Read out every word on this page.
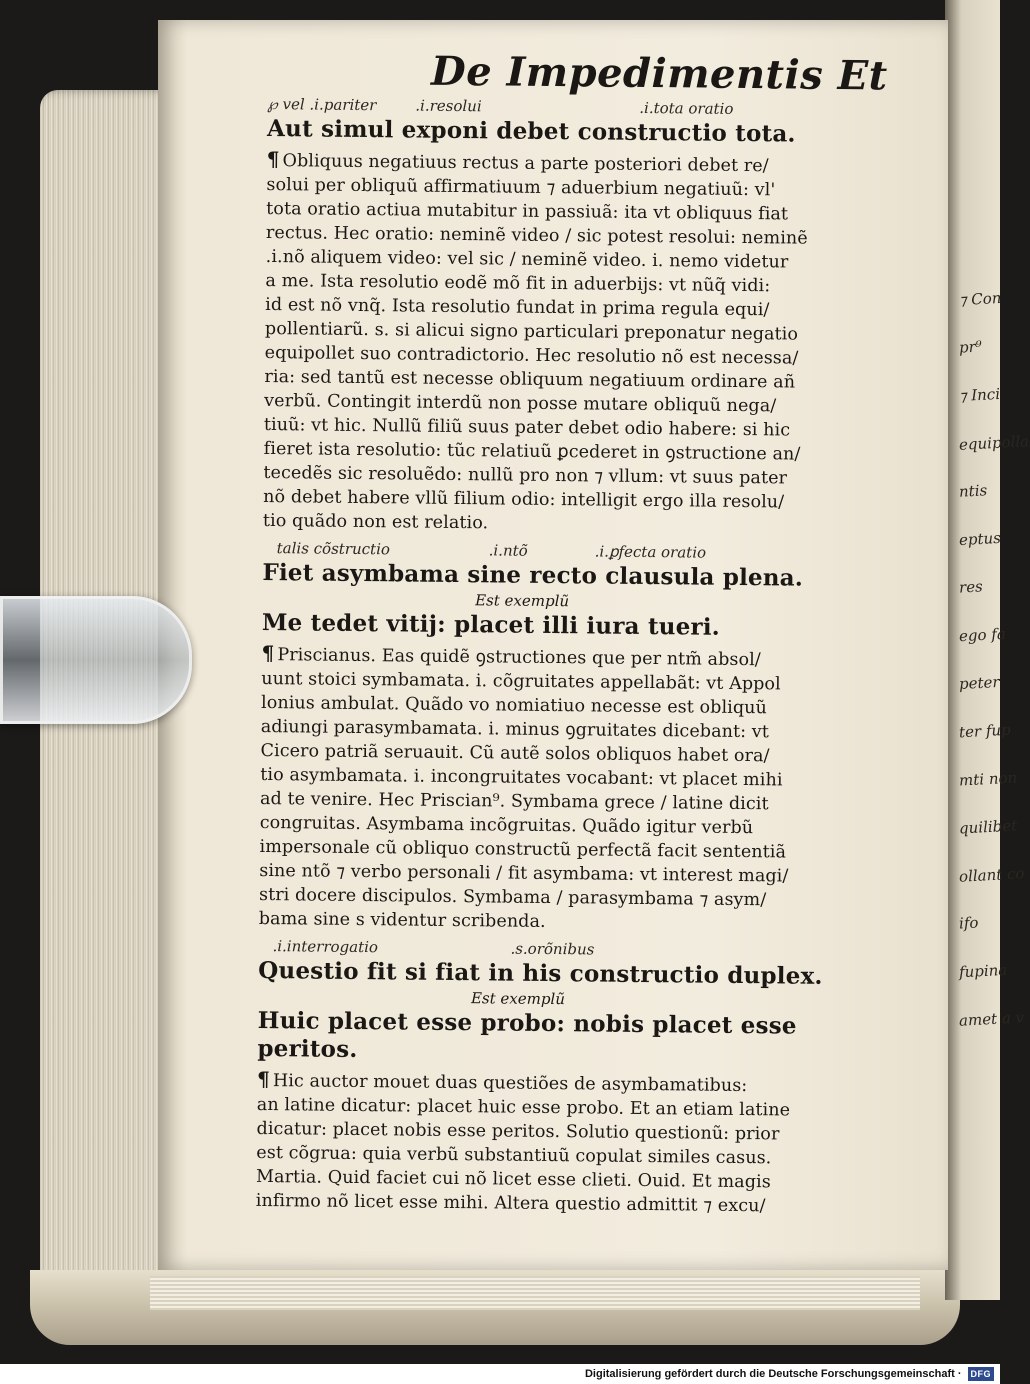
⁊ Con
pr⁹
⁊ Inci
equipolla
ntis
eptus
res
ego fa
peter
ter fup
mti non
quilibet
ollant co
ifo
fupina
amet a v
De Impedimentis Et
℘ vel .i.pariter	.i.resolui	.i.tota oratio
Aut simul exponi debet constructio tota.
¶ Obliquus negatiuus rectus a parte posteriori debet re/
solui per obliquũ affirmatiuum ⁊ aduerbium negatiuũ: vl'
tota oratio actiua mutabitur in passiuã: ita vt obliquus fiat
rectus. Hec oratio: neminẽ video / sic potest resolui: neminẽ
.i.nõ aliquem video: vel sic / neminẽ video. i. nemo videtur
a me. Ista resolutio eodẽ mõ fit in aduerbijs: vt nũq̃ vidi:
id est nõ vnq̃. Ista resolutio fundat in prima regula equi/
pollentiarũ. s. si alicui signo particulari preponatur negatio
equipollet suo contradictorio. Hec resolutio nõ est necessa/
ria: sed tantũ est necesse obliquum negatiuum ordinare añ
verbũ. Contingit interdũ non posse mutare obliquũ nega/
tiuũ: vt hic. Nullũ filiũ suus pater debet odio habere: si hic
fieret ista resolutio: tũc relatiuũ ꝑcederet in ꝯstructione an/
tecedẽs sic resoluẽdo: nullũ pro non ⁊ vllum: vt suus pater
nõ debet habere vllũ filium odio: intelligit ergo illa resolu/
tio quãdo non est relatio.
talis cõstructio	.i.ntõ	.i.ꝑfecta oratio
Fiet asymbama sine recto clausula plena.
Est exemplũ
Me tedet vitij: placet illi iura tueri.
¶ Priscianus. Eas quidẽ ꝯstructiones que per ntm̃ absol/
uunt stoici symbamata. i. cõgruitates appellabãt: vt Appol
lonius ambulat. Quãdo vo nomiatiuo necesse est obliquũ
adiungi parasymbamata. i. minus ꝯgruitates dicebant: vt
Cicero patriã seruauit. Cũ autẽ solos obliquos habet ora/
tio asymbamata. i. incongruitates vocabant: vt placet mihi
ad te venire. Hec Priscian⁹. Symbama grece / latine dicit
congruitas. Asymbama incõgruitas. Quãdo igitur verbũ
impersonale cũ obliquo constructũ perfectã facit sententiã
sine ntõ ⁊ verbo personali / fit asymbama: vt interest magi/
stri docere discipulos. Symbama / parasymbama ⁊ asym/
bama sine s videntur scribenda.
.i.interrogatio	.s.orõnibus
Questio fit si fiat in his constructio duplex.
Est exemplũ
Huic placet esse probo: nobis placet esse peritos.
¶ Hic auctor mouet duas questiões de asymbamatibus:
an latine dicatur: placet huic esse probo. Et an etiam latine
dicatur: placet nobis esse peritos. Solutio questionũ: prior
est cõgrua: quia verbũ substantiuũ copulat similes casus.
Martia. Quid faciet cui nõ licet esse clieti. Ouid. Et magis
infirmo nõ licet esse mihi. Altera questio admittit ⁊ excu/
Digitalisierung gefördert durch die Deutsche Forschungsgemeinschaft ·	DFG
